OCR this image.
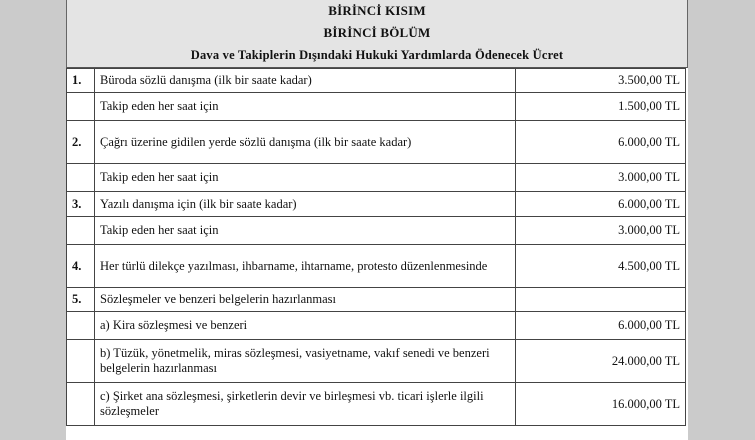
BİRİNCİ KISIM
BİRİNCİ BÖLÜM
Dava ve Takiplerin Dışındaki Hukuki Yardımlarda Ödenecek Ücret
1.	Büroda sözlü danışma (ilk bir saate kadar)	3.500,00 TL
	Takip eden her saat için	1.500,00 TL
2.	Çağrı üzerine gidilen yerde sözlü danışma (ilk bir saate kadar)	6.000,00 TL
	Takip eden her saat için	3.000,00 TL
3.	Yazılı danışma için (ilk bir saate kadar)	6.000,00 TL
	Takip eden her saat için	3.000,00 TL
4.	Her türlü dilekçe yazılması, ihbarname, ihtarname, protesto düzenlenmesinde	4.500,00 TL
5.	Sözleşmeler ve benzeri belgelerin hazırlanması	
	a) Kira sözleşmesi ve benzeri	6.000,00 TL
	b) Tüzük, yönetmelik, miras sözleşmesi, vasiyetname, vakıf senedi ve benzeri belgelerin hazırlanması	24.000,00 TL
	c) Şirket ana sözleşmesi, şirketlerin devir ve birleşmesi vb. ticari işlerle ilgili sözleşmeler	16.000,00 TL
